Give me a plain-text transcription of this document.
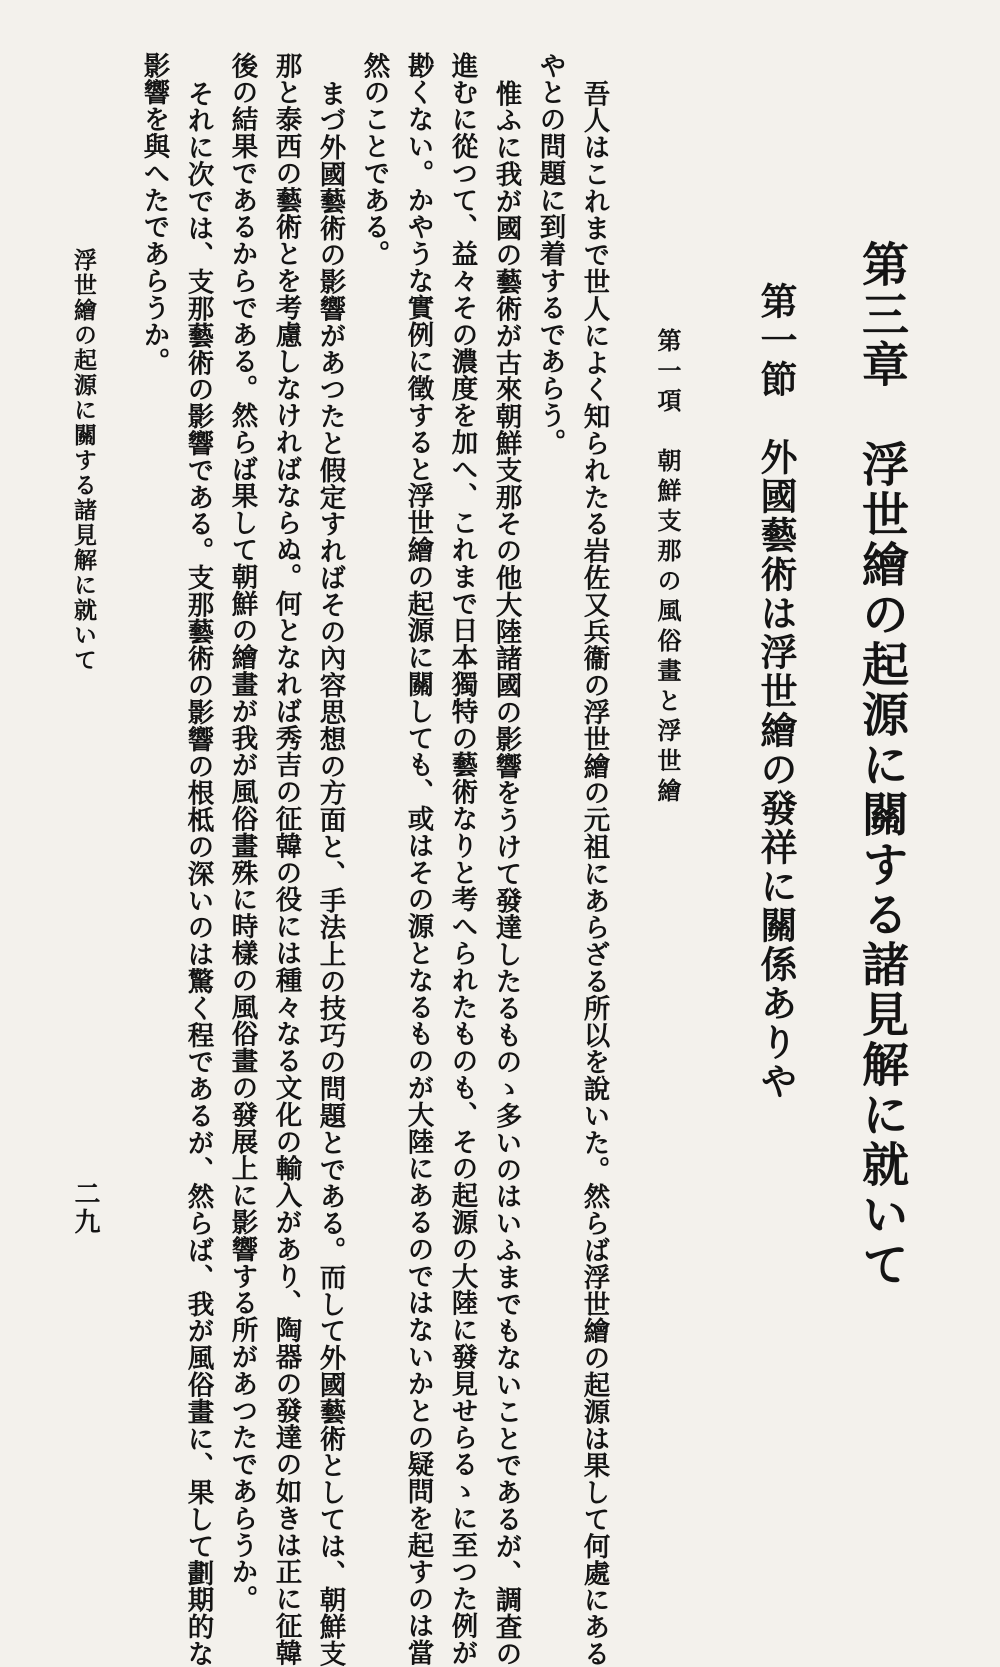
第三章　浮世繪の起源に關する諸見解に就いて
第一節　外國藝術は浮世繪の發祥に關係ありや
第一項　朝鮮支那の風俗畫と浮世繪
吾人はこれまで世人によく知られたる岩佐又兵衞の浮世繪の元祖にあらざる所以を說いた。然らば浮世繪の起源は果して何處にある
やとの問題に到着するであらう。
惟ふに我が國の藝術が古來朝鮮支那その他大陸諸國の影響をうけて發達したるものゝ多いのはいふまでもないことであるが、調査の
進むに從つて、益々その濃度を加へ、これまで日本獨特の藝術なりと考へられたものも、その起源の大陸に發見せらるゝに至つた例が
尠くない。かやうな實例に徵すると浮世繪の起源に關しても、或はその源となるものが大陸にあるのではないかとの疑問を起すのは當
然のことである。
まづ外國藝術の影響があつたと假定すればその內容思想の方面と、手法上の技巧の問題とである。而して外國藝術としては、朝鮮支
那と泰西の藝術とを考慮しなければならぬ。何となれば秀吉の征韓の役には種々なる文化の輸入があり、陶器の發達の如きは正に征韓
後の結果であるからである。然らば果して朝鮮の繪畫が我が風俗畫殊に時樣の風俗畫の發展上に影響する所があつたであらうか。
それに次では、支那藝術の影響である。支那藝術の影響の根柢の深いのは驚く程であるが、然らば、我が風俗畫に、果して劃期的な
影響を與へたであらうか。
浮世繪の起源に關する諸見解に就いて
二九
